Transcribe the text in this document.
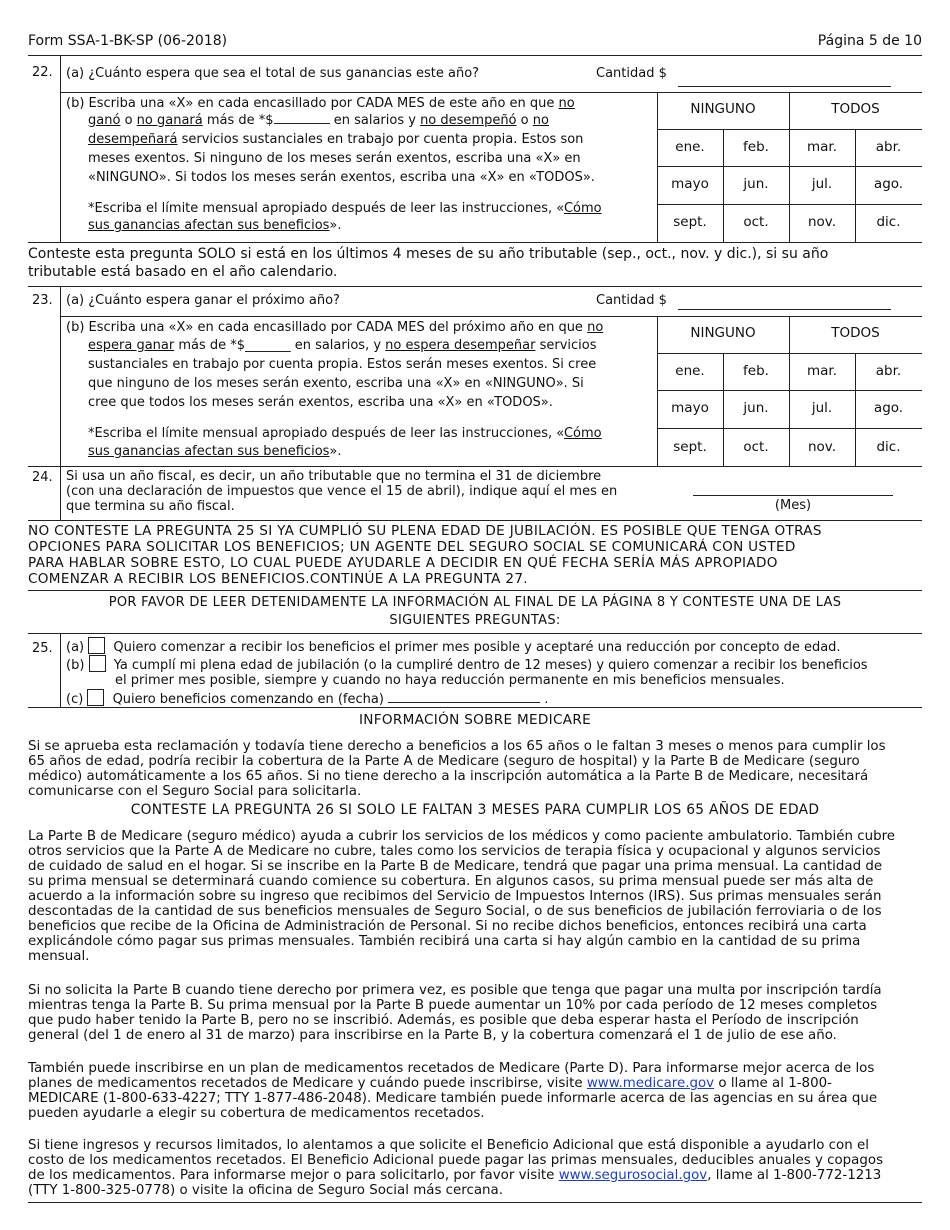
Form SSA-1-BK-SP (06-2018)	Página 5 de 10
22. (a) ¿Cuánto espera que sea el total de sus ganancias este año?	Cantidad $
(b) Escriba una «X» en cada encasillado por CADA MES de este año en que no
ganó o no ganará más de *$	en salarios y no desempeñó o no
desempeñará servicios sustanciales en trabajo por cuenta propia. Estos son
meses exentos. Si ninguno de los meses serán exentos, escriba una «X» en
«NINGUNO». Si todos los meses serán exentos, escriba una «X» en «TODOS».
*Escriba el límite mensual apropiado después de leer las instrucciones, «Cómo
sus ganancias afectan sus beneficios».
NINGUNO	TODOS
ene.	feb.	mar.	abr.
mayo	jun.	jul.	ago.
sept.	oct.	nov.	dic.
Conteste esta pregunta SOLO si está en los últimos 4 meses de su año tributable (sep., oct., nov. y dic.), si su año
tributable está basado en el año calendario.
23. (a) ¿Cuánto espera ganar el próximo año?	Cantidad $
(b) Escriba una «X» en cada encasillado por CADA MES del próximo año en que no
espera ganar más de *$_______ en salarios, y no espera desempeñar servicios
sustanciales en trabajo por cuenta propia. Estos serán meses exentos. Si cree
que ninguno de los meses serán exento, escriba una «X» en «NINGUNO». Si
cree que todos los meses serán exentos, escriba una «X» en «TODOS».
*Escriba el límite mensual apropiado después de leer las instrucciones, «Cómo
sus ganancias afectan sus beneficios».
NINGUNO	TODOS
ene.	feb.	mar.	abr.
mayo	jun.	jul.	ago.
sept.	oct.	nov.	dic.
24. Si usa un año fiscal, es decir, un año tributable que no termina el 31 de diciembre
(con una declaración de impuestos que vence el 15 de abril), indique aquí el mes en
que termina su año fiscal.	(Mes)
NO CONTESTE LA PREGUNTA 25 SI YA CUMPLIÓ SU PLENA EDAD DE JUBILACIÓN. ES POSIBLE QUE TENGA OTRAS
OPCIONES PARA SOLICITAR LOS BENEFICIOS; UN AGENTE DEL SEGURO SOCIAL SE COMUNICARÁ CON USTED
PARA HABLAR SOBRE ESTO, LO CUAL PUEDE AYUDARLE A DECIDIR EN QUÉ FECHA SERÍA MÁS APROPIADO
COMENZAR A RECIBIR LOS BENEFICIOS.CONTINÚE A LA PREGUNTA 27.
POR FAVOR DE LEER DETENIDAMENTE LA INFORMACIÓN AL FINAL DE LA PÁGINA 8 Y CONTESTE UNA DE LAS
SIGUIENTES PREGUNTAS:
25. (a) Quiero comenzar a recibir los beneficios el primer mes posible y aceptaré una reducción por concepto de edad.
(b) Ya cumplí mi plena edad de jubilación (o la cumpliré dentro de 12 meses) y quiero comenzar a recibir los beneficios
el primer mes posible, siempre y cuando no haya reducción permanente en mis beneficios mensuales.
(c) Quiero beneficios comenzando en (fecha)	.
INFORMACIÓN SOBRE MEDICARE

Si se aprueba esta reclamación y todavía tiene derecho a beneficios a los 65 años o le faltan 3 meses o menos para cumplir los

65 años de edad, podría recibir la cobertura de la Parte A de Medicare (seguro de hospital) y la Parte B de Medicare (seguro

médico) automáticamente a los 65 años. Si no tiene derecho a la inscripción automática a la Parte B de Medicare, necesitará

comunicarse con el Seguro Social para solicitarla.

CONTESTE LA PREGUNTA 26 SI SOLO LE FALTAN 3 MESES PARA CUMPLIR LOS 65 AÑOS DE EDAD

La Parte B de Medicare (seguro médico) ayuda a cubrir los servicios de los médicos y como paciente ambulatorio. También cubre

otros servicios que la Parte A de Medicare no cubre, tales como los servicios de terapia física y ocupacional y algunos servicios

de cuidado de salud en el hogar. Si se inscribe en la Parte B de Medicare, tendrá que pagar una prima mensual. La cantidad de

su prima mensual se determinará cuando comience su cobertura. En algunos casos, su prima mensual puede ser más alta de

acuerdo a la información sobre su ingreso que recibimos del Servicio de Impuestos Internos (IRS). Sus primas mensuales serán

descontadas de la cantidad de sus beneficios mensuales de Seguro Social, o de sus beneficios de jubilación ferroviaria o de los

beneficios que recibe de la Oficina de Administración de Personal. Si no recibe dichos beneficios, entonces recibirá una carta

explicándole cómo pagar sus primas mensuales. También recibirá una carta si hay algún cambio en la cantidad de su prima

mensual.

Si no solicita la Parte B cuando tiene derecho por primera vez, es posible que tenga que pagar una multa por inscripción tardía

mientras tenga la Parte B. Su prima mensual por la Parte B puede aumentar un 10% por cada período de 12 meses completos

que pudo haber tenido la Parte B, pero no se inscribió. Además, es posible que deba esperar hasta el Período de inscripción

general (del 1 de enero al 31 de marzo) para inscribirse en la Parte B, y la cobertura comenzará el 1 de julio de ese año.

También puede inscribirse en un plan de medicamentos recetados de Medicare (Parte D). Para informarse mejor acerca de los

planes de medicamentos recetados de Medicare y cuándo puede inscribirse, visite www.medicare.gov o llame al 1-800-

MEDICARE (1-800-633-4227; TTY 1-877-486-2048). Medicare también puede informarle acerca de las agencias en su área que

pueden ayudarle a elegir su cobertura de medicamentos recetados.

Si tiene ingresos y recursos limitados, lo alentamos a que solicite el Beneficio Adicional que está disponible a ayudarlo con el

costo de los medicamentos recetados. El Beneficio Adicional puede pagar las primas mensuales, deducibles anuales y copagos

de los medicamentos. Para informarse mejor o para solicitarlo, por favor visite www.segurosocial.gov, llame al 1-800-772-1213

(TTY 1-800-325-0778) o visite la oficina de Seguro Social más cercana.
